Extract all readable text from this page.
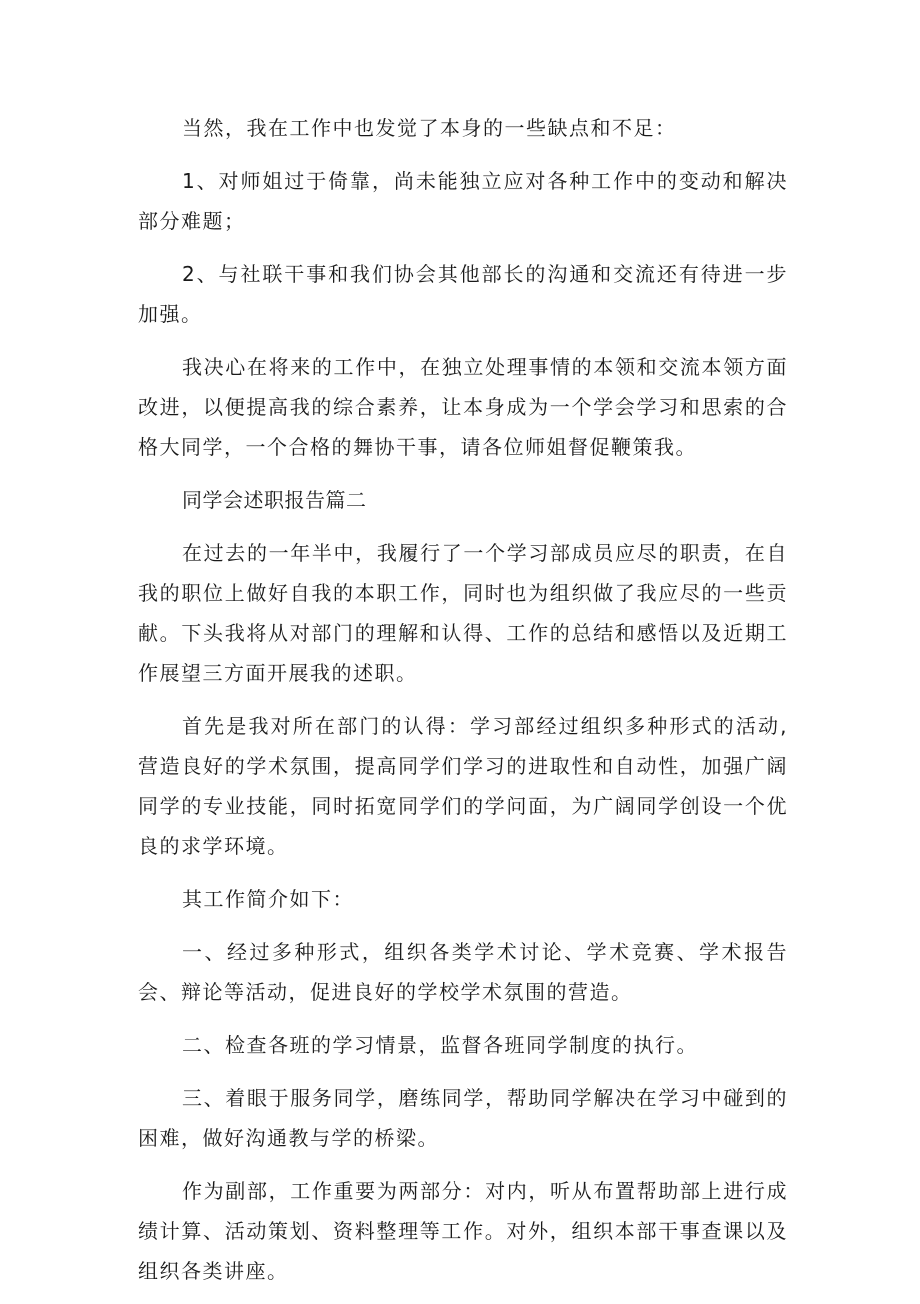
当然，我在工作中也发觉了本身的一些缺点和不足：

1、对师姐过于倚靠，尚未能独立应对各种工作中的变动和解决部分难题；

2、与社联干事和我们协会其他部长的沟通和交流还有待进一步加强。

我决心在将来的工作中，在独立处理事情的本领和交流本领方面改进，以便提高我的综合素养，让本身成为一个学会学习和思索的合格大同学，一个合格的舞协干事，请各位师姐督促鞭策我。

同学会述职报告篇二

在过去的一年半中，我履行了一个学习部成员应尽的职责，在自我的职位上做好自我的本职工作，同时也为组织做了我应尽的一些贡献。下头我将从对部门的理解和认得、工作的总结和感悟以及近期工作展望三方面开展我的述职。

首先是我对所在部门的认得：学习部经过组织多种形式的活动,营造良好的学术氛围，提高同学们学习的进取性和自动性，加强广阔同学的专业技能，同时拓宽同学们的学问面，为广阔同学创设一个优良的求学环境。

其工作简介如下：

一、经过多种形式，组织各类学术讨论、学术竞赛、学术报告会、辩论等活动，促进良好的学校学术氛围的营造。

二、检查各班的学习情景，监督各班同学制度的执行。

三、着眼于服务同学，磨练同学，帮助同学解决在学习中碰到的困难，做好沟通教与学的桥梁。

作为副部，工作重要为两部分：对内，听从布置帮助部上进行成绩计算、活动策划、资料整理等工作。对外，组织本部干事查课以及组织各类讲座。
